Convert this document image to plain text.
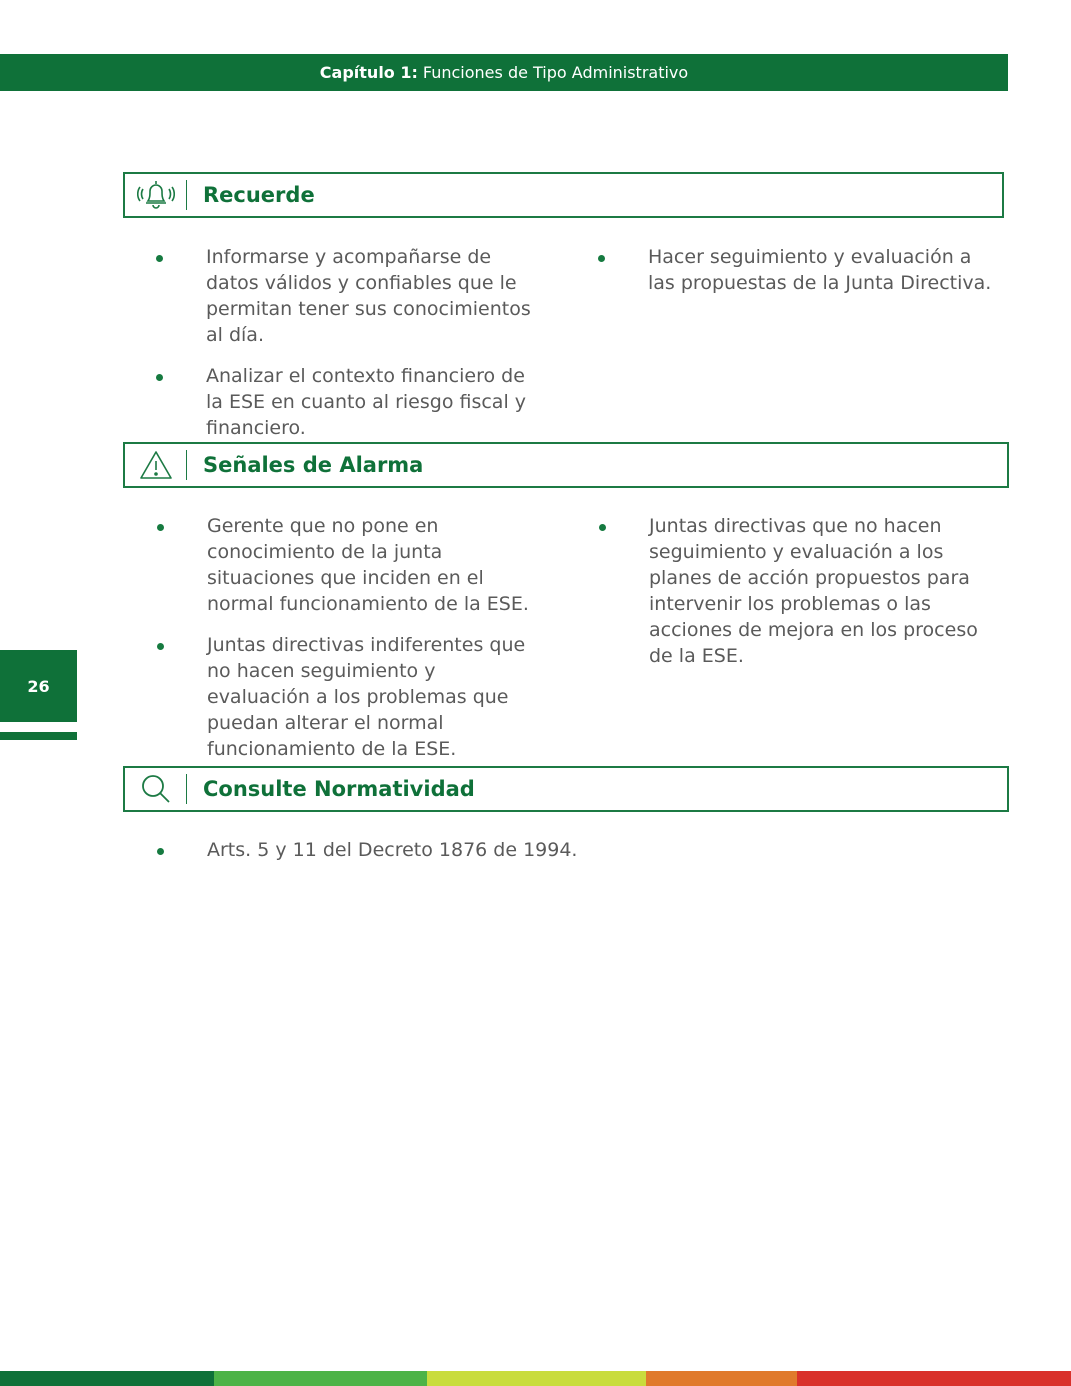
Capítulo 1: Funciones de Tipo Administrativo
Recuerde
Informarse y acompañarse de datos válidos y confiables que le permitan tener sus conocimientos al día.
Analizar el contexto financiero de la ESE en cuanto al riesgo fiscal y financiero.
Hacer seguimiento y evaluación a las propuestas de la Junta Directiva.
Señales de Alarma
Gerente que no pone en conocimiento de la junta situaciones que inciden en el normal funcionamiento de la ESE.
Juntas directivas indiferentes que no hacen seguimiento y evaluación a los problemas que puedan alterar el normal funcionamiento de la ESE.
Juntas directivas que no hacen seguimiento y evaluación a los planes de acción propuestos para intervenir los problemas o las acciones de mejora en los proceso de la ESE.
Consulte Normatividad
Arts. 5 y 11 del Decreto 1876 de 1994.
26
